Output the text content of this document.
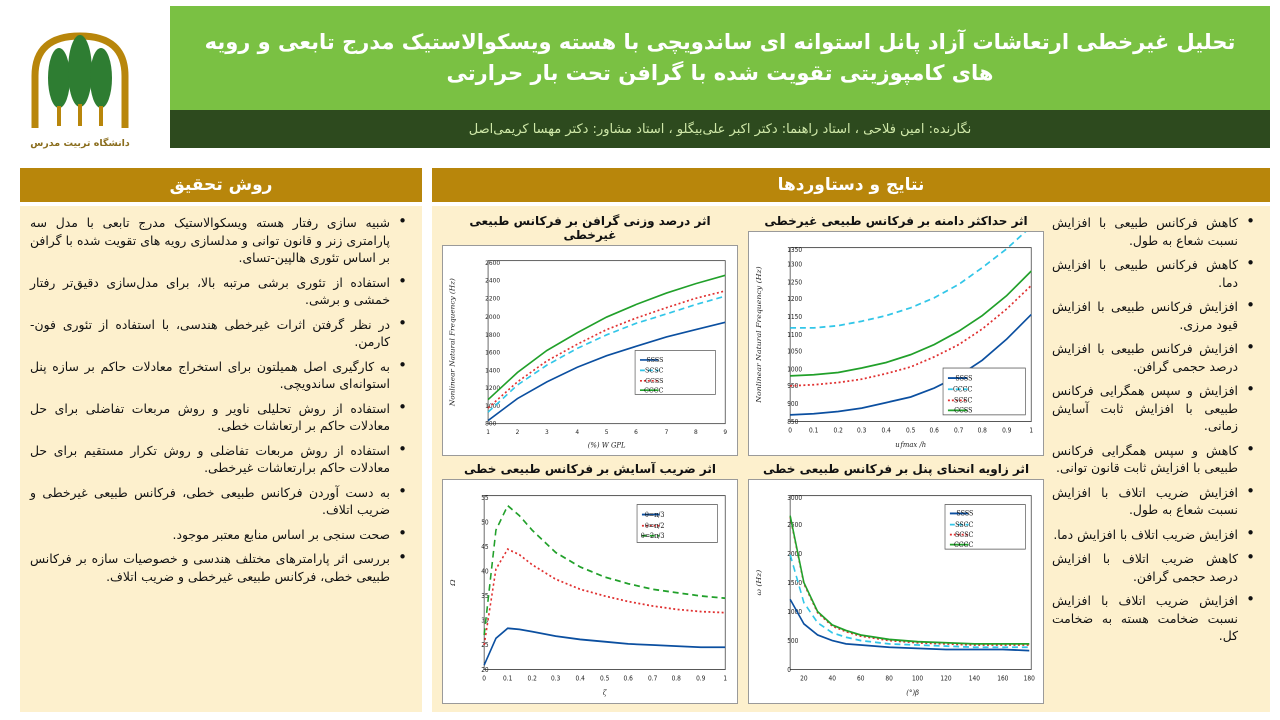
تحلیل غیرخطی ارتعاشات آزاد پانل استوانه ای ساندویچی با هسته ویسکوالاستیک مدرج تابعی و رویه های کامپوزیتی تقویت شده با گرافن تحت بار حرارتی
نگارنده: امین فلاحی ، استاد راهنما: دکتر اکبر علی‌بیگلو ، استاد مشاور: دکتر مهسا کریمی‌اصل
دانشگاه تربیت مدرس
نتایج و دستاوردها
• کاهش فرکانس طبیعی با افزایش نسبت شعاع به طول.
• کاهش فرکانس طبیعی با افزایش دما.
• افزایش فرکانس طبیعی با افزایش قیود مرزی.
• افزایش فرکانس طبیعی با افزایش درصد حجمی گرافن.
• افزایش و سپس همگرایی فرکانس طبیعی با افزایش ثابت آسایش زمانی.
• کاهش و سپس همگرایی فرکانس طبیعی با افزایش ثابت قانون توانی.
• افزایش ضریب اتلاف با افزایش نسبت شعاع به طول.
• افزایش ضریب اتلاف با افزایش دما.
• کاهش ضریب اتلاف با افزایش درصد حجمی گرافن.
• افزایش ضریب اتلاف با افزایش نسبت ضخامت هسته به ضخامت کل.
اثر حداکثر دامنه بر فرکانس طبیعی غیرخطی
850
900
950
1000
1050
1100
1150
1200
1250
1300
1350
0	0.1	0.2 0.3	0.4	0.5 0.6	0.7 0.8	0.9	1
u fmax /h
Nonlinear Natural Frequency (Hz)	SSSS
CCCC
SCSC
CCSS
اثر درصد وزنی گرافن بر فرکانس طبیعی غیرخطی
800
1000
1200
1400
1600
1800
2000
2200
2400
2600
1	2	3	4	5	6	7	8	9
W GPL (%)
Nonlinear Natural Frequency (Hz)	SSSS
SCSC
CCSS
CCCC
اثر زاویه انحنای پنل بر فرکانس طبیعی خطی
0
500
1000
1500
2000
2500
3000
20	40	60	80	100	120	140	160	180
β(°)
ω (Hz)
SSSS
SSCC
SCSC
CCCC
اثر ضریب آسایش بر فرکانس طبیعی خطی
20
25
30
35
40
45
50
55
0	0.1	0.2 0.3	0.4	0.5 0.6	0.7 0.8	0.9	1
ζ
Ω
θ=π/3
θ=π/2
θ=2π/3
روش تحقیق
• شبیه سازی رفتار هسته ویسکوالاستیک مدرج تابعی با مدل سه پارامتری زنر و قانون توانی و مدلسازی رویه های تقویت شده با گرافن بر اساس تئوری هالپین-تسای.
• استفاده از تئوری برشی مرتبه بالا، برای مدل‌سازی دقیق‌تر رفتار خمشی و برشی.
• در نظر گرفتن اثرات غیرخطی هندسی، با استفاده از تئوری فون-کارمن.
• به کارگیری اصل همیلتون برای استخراج معادلات حاکم بر سازه پنل استوانه‌ای ساندویچی.
• استفاده از روش تحلیلی ناویر و روش مربعات تفاضلی برای حل معادلات حاکم بر ارتعاشات خطی.
• استفاده از روش مربعات تفاضلی و روش تکرار مستقیم برای حل معادلات حاکم برارتعاشات غیرخطی.
• به دست آوردن فرکانس طبیعی خطی، فرکانس طبیعی غیرخطی و ضریب اتلاف.
• صحت سنجی بر اساس منابع معتبر موجود.
• بررسی اثر پارامترهای مختلف هندسی و خصوصیات سازه بر فرکانس طبیعی خطی، فرکانس طبیعی غیرخطی و ضریب اتلاف.
